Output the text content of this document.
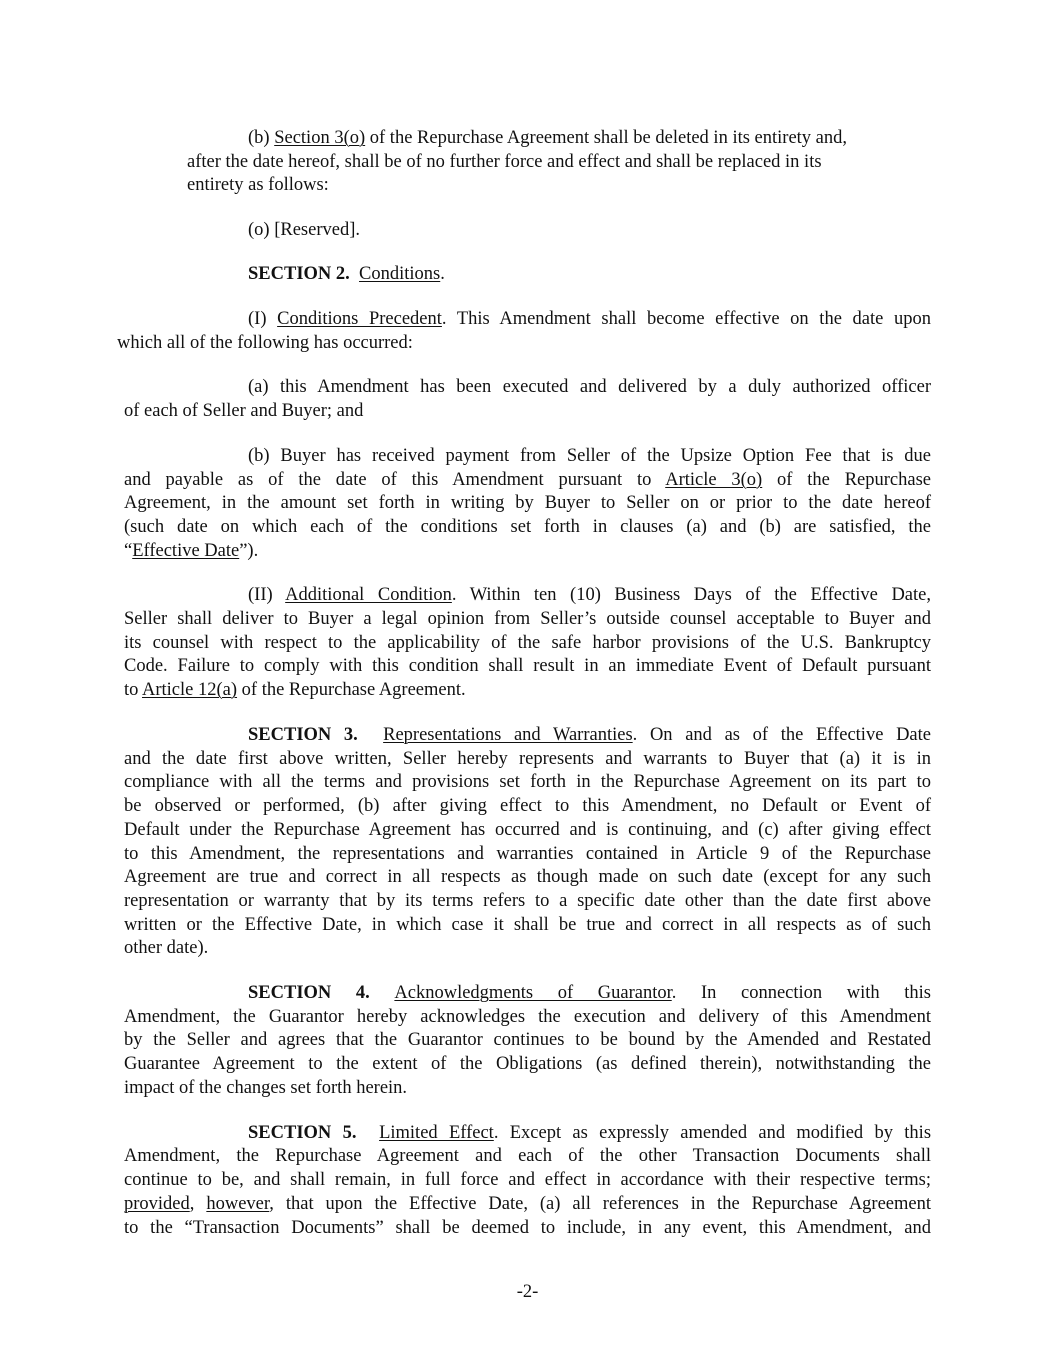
(b) Section 3(o) of the Repurchase Agreement shall be deleted in its entirety and,
after the date hereof, shall be of no further force and effect and shall be replaced in its
entirety as follows:
(o) [Reserved].
SECTION 2. Conditions.
(I) Conditions Precedent. This Amendment shall become effective on the date upon
which all of the following has occurred:
(a) this Amendment has been executed and delivered by a duly authorized officer
of each of Seller and Buyer; and
(b) Buyer has received payment from Seller of the Upsize Option Fee that is due
and payable as of the date of this Amendment pursuant to Article 3(o) of the Repurchase
Agreement, in the amount set forth in writing by Buyer to Seller on or prior to the date hereof
(such date on which each of the conditions set forth in clauses (a) and (b) are satisfied, the
“Effective Date”).
(II) Additional Condition. Within ten (10) Business Days of the Effective Date,
Seller shall deliver to Buyer a legal opinion from Seller’s outside counsel acceptable to Buyer and
its counsel with respect to the applicability of the safe harbor provisions of the U.S. Bankruptcy
Code. Failure to comply with this condition shall result in an immediate Event of Default pursuant
to Article 12(a) of the Repurchase Agreement.
SECTION 3. Representations and Warranties. On and as of the Effective Date
and the date first above written, Seller hereby represents and warrants to Buyer that (a) it is in
compliance with all the terms and provisions set forth in the Repurchase Agreement on its part to
be observed or performed, (b) after giving effect to this Amendment, no Default or Event of
Default under the Repurchase Agreement has occurred and is continuing, and (c) after giving effect
to this Amendment, the representations and warranties contained in Article 9 of the Repurchase
Agreement are true and correct in all respects as though made on such date (except for any such
representation or warranty that by its terms refers to a specific date other than the date first above
written or the Effective Date, in which case it shall be true and correct in all respects as of such
other date).
SECTION 4. Acknowledgments of Guarantor. In connection with this
Amendment, the Guarantor hereby acknowledges the execution and delivery of this Amendment
by the Seller and agrees that the Guarantor continues to be bound by the Amended and Restated
Guarantee Agreement to the extent of the Obligations (as defined therein), notwithstanding the
impact of the changes set forth herein.
SECTION 5. Limited Effect. Except as expressly amended and modified by this
Amendment, the Repurchase Agreement and each of the other Transaction Documents shall
continue to be, and shall remain, in full force and effect in accordance with their respective terms;
provided, however, that upon the Effective Date, (a) all references in the Repurchase Agreement
to the “Transaction Documents” shall be deemed to include, in any event, this Amendment, and
-2-
